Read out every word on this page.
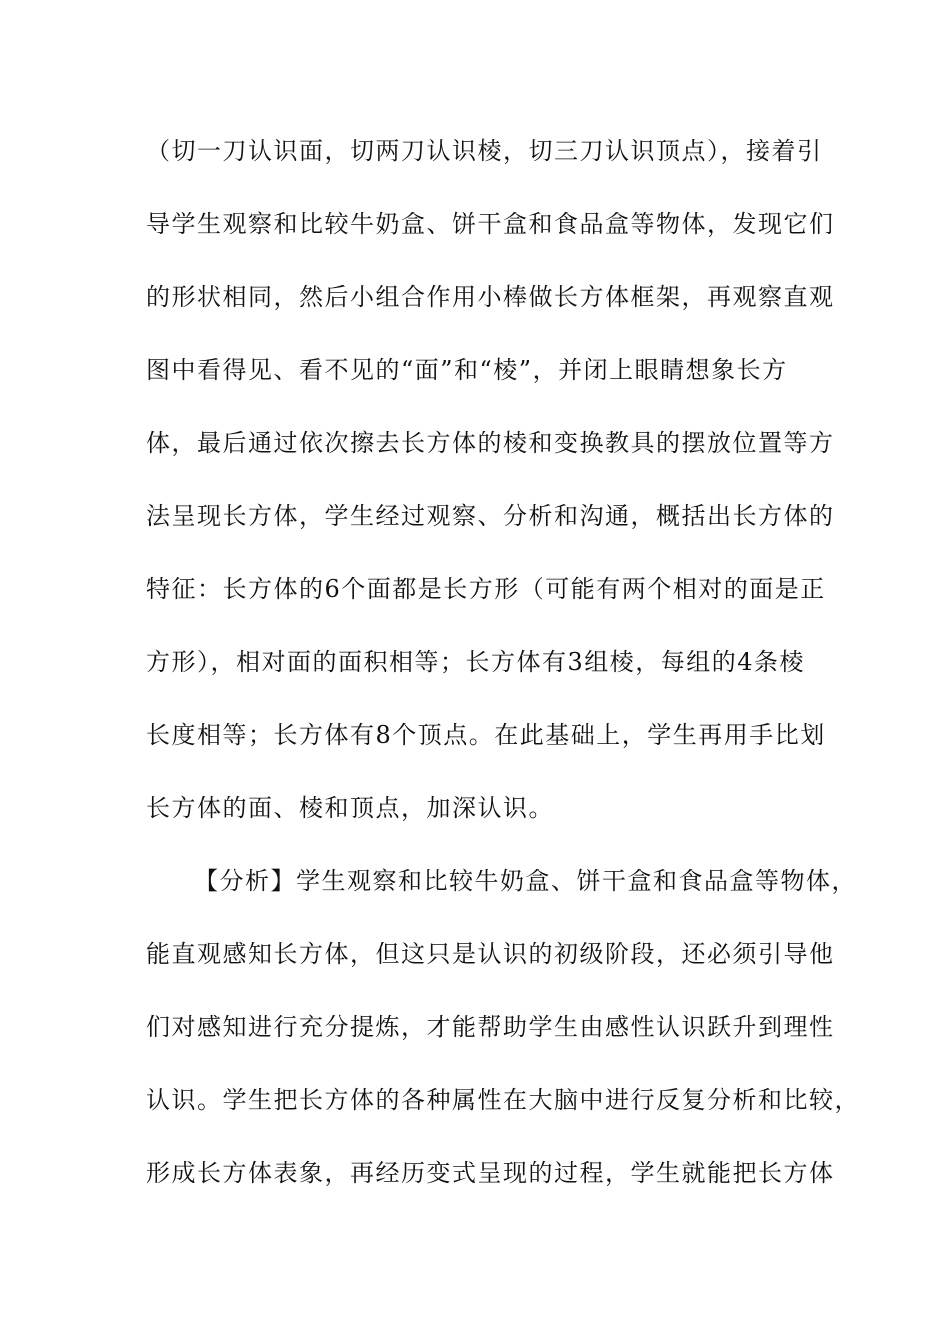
（切一刀认识面，切两刀认识棱，切三刀认识顶点），接着引
导学生观察和比较牛奶盒、饼干盒和食品盒等物体，发现它们
的形状相同，然后小组合作用小棒做长方体框架，再观察直观
图中看得见、看不见的“面”和“棱”，并闭上眼睛想象长方
体，最后通过依次擦去长方体的棱和变换教具的摆放位置等方
法呈现长方体，学生经过观察、分析和沟通，概括出长方体的
特征：长方体的6个面都是长方形（可能有两个相对的面是正
方形），相对面的面积相等；长方体有3组棱，每组的4条棱
长度相等；长方体有8个顶点。在此基础上，学生再用手比划
长方体的面、棱和顶点，加深认识。
【分析】学生观察和比较牛奶盒、饼干盒和食品盒等物体，
能直观感知长方体，但这只是认识的初级阶段，还必须引导他
们对感知进行充分提炼，才能帮助学生由感性认识跃升到理性
认识。学生把长方体的各种属性在大脑中进行反复分析和比较，
形成长方体表象，再经历变式呈现的过程，学生就能把长方体
